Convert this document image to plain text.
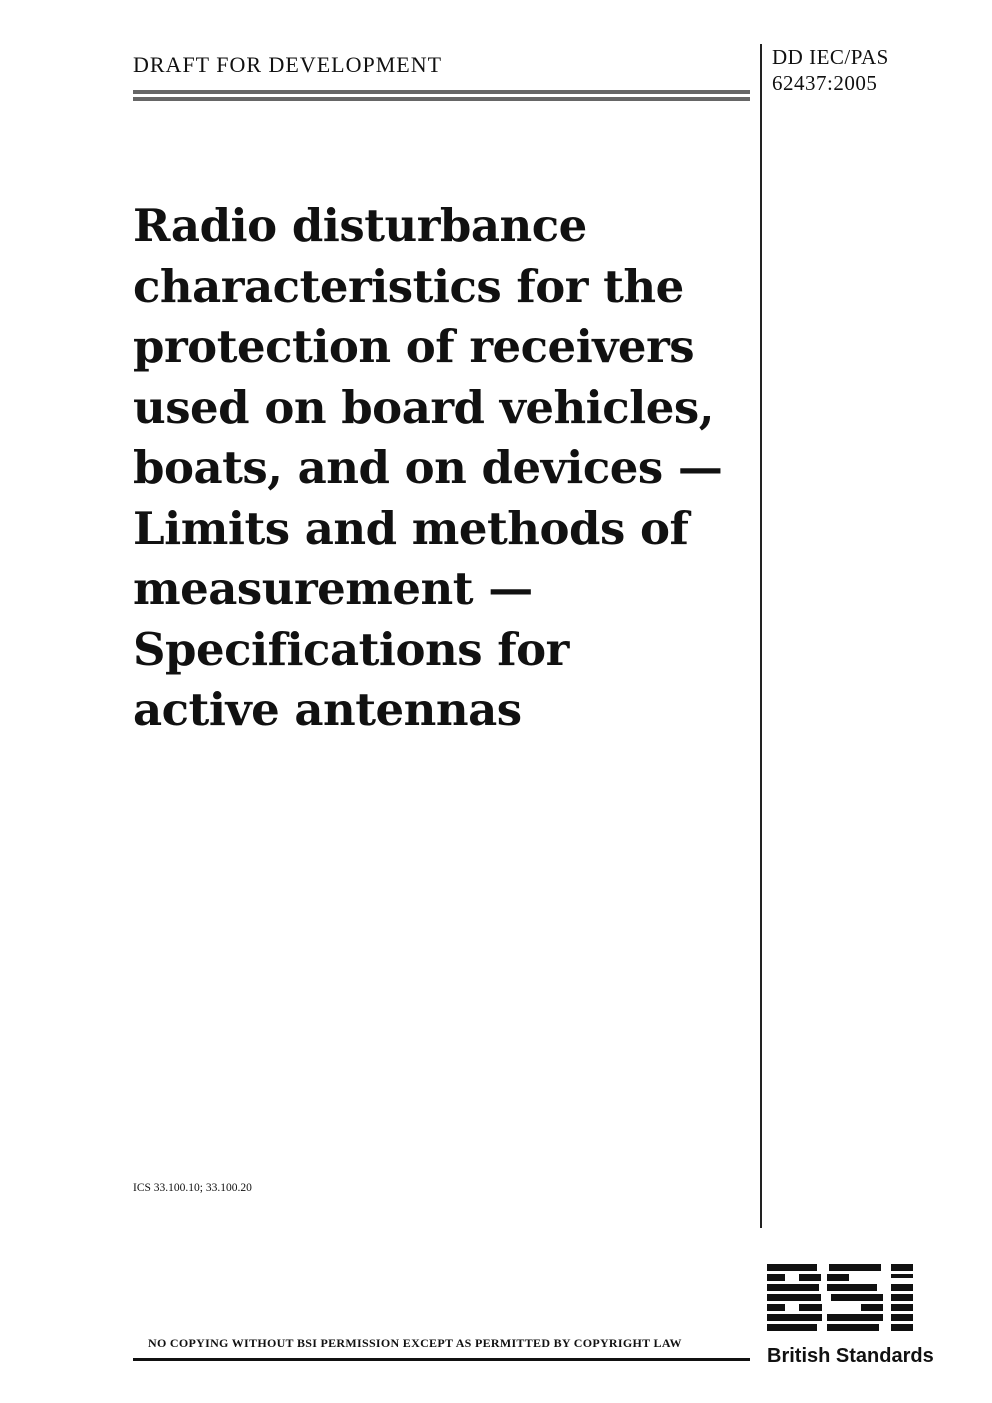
DRAFT FOR DEVELOPMENT	DD IEC/PAS
62437:2005
Radio disturbance
characteristics for the
protection of receivers
used on board vehicles,
boats, and on devices —
Limits and methods of
measurement —
Specifications for
active antennas
ICS 33.100.10; 33.100.20
NO COPYING WITHOUT BSI PERMISSION EXCEPT AS PERMITTED BY COPYRIGHT LAW
British Standards
